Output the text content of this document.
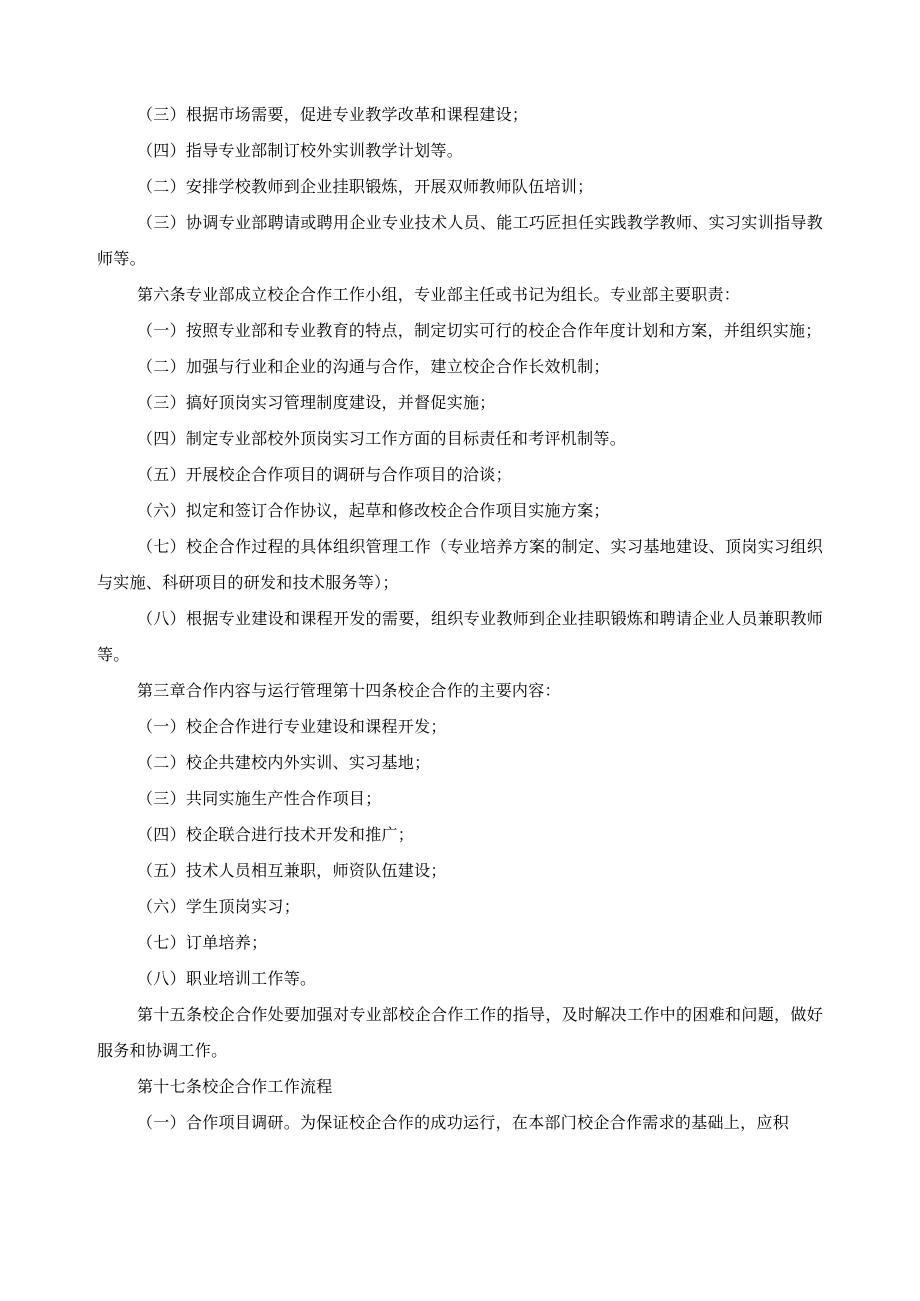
（三）根据市场需要，促进专业教学改革和课程建设；

（四）指导专业部制订校外实训教学计划等。

（二）安排学校教师到企业挂职锻炼，开展双师教师队伍培训；

（三）协调专业部聘请或聘用企业专业技术人员、能工巧匠担任实践教学教师、实习实训指导教师等。

第六条专业部成立校企合作工作小组，专业部主任或书记为组长。专业部主要职责：

（一）按照专业部和专业教育的特点，制定切实可行的校企合作年度计划和方案，并组织实施；

（二）加强与行业和企业的沟通与合作，建立校企合作长效机制；

（三）搞好顶岗实习管理制度建设，并督促实施；

（四）制定专业部校外顶岗实习工作方面的目标责任和考评机制等。

（五）开展校企合作项目的调研与合作项目的洽谈；

（六）拟定和签订合作协议，起草和修改校企合作项目实施方案；

（七）校企合作过程的具体组织管理工作（专业培养方案的制定、实习基地建设、顶岗实习组织与实施、科研项目的研发和技术服务等）；

（八）根据专业建设和课程开发的需要，组织专业教师到企业挂职锻炼和聘请企业人员兼职教师等。

第三章合作内容与运行管理第十四条校企合作的主要内容：

（一）校企合作进行专业建设和课程开发；

（二）校企共建校内外实训、实习基地；

（三）共同实施生产性合作项目；

（四）校企联合进行技术开发和推广；

（五）技术人员相互兼职，师资队伍建设；

（六）学生顶岗实习；

（七）订单培养；

（八）职业培训工作等。

第十五条校企合作处要加强对专业部校企合作工作的指导，及时解决工作中的困难和问题，做好服务和协调工作。

第十七条校企合作工作流程

（一）合作项目调研。为保证校企合作的成功运行，在本部门校企合作需求的基础上，应积
